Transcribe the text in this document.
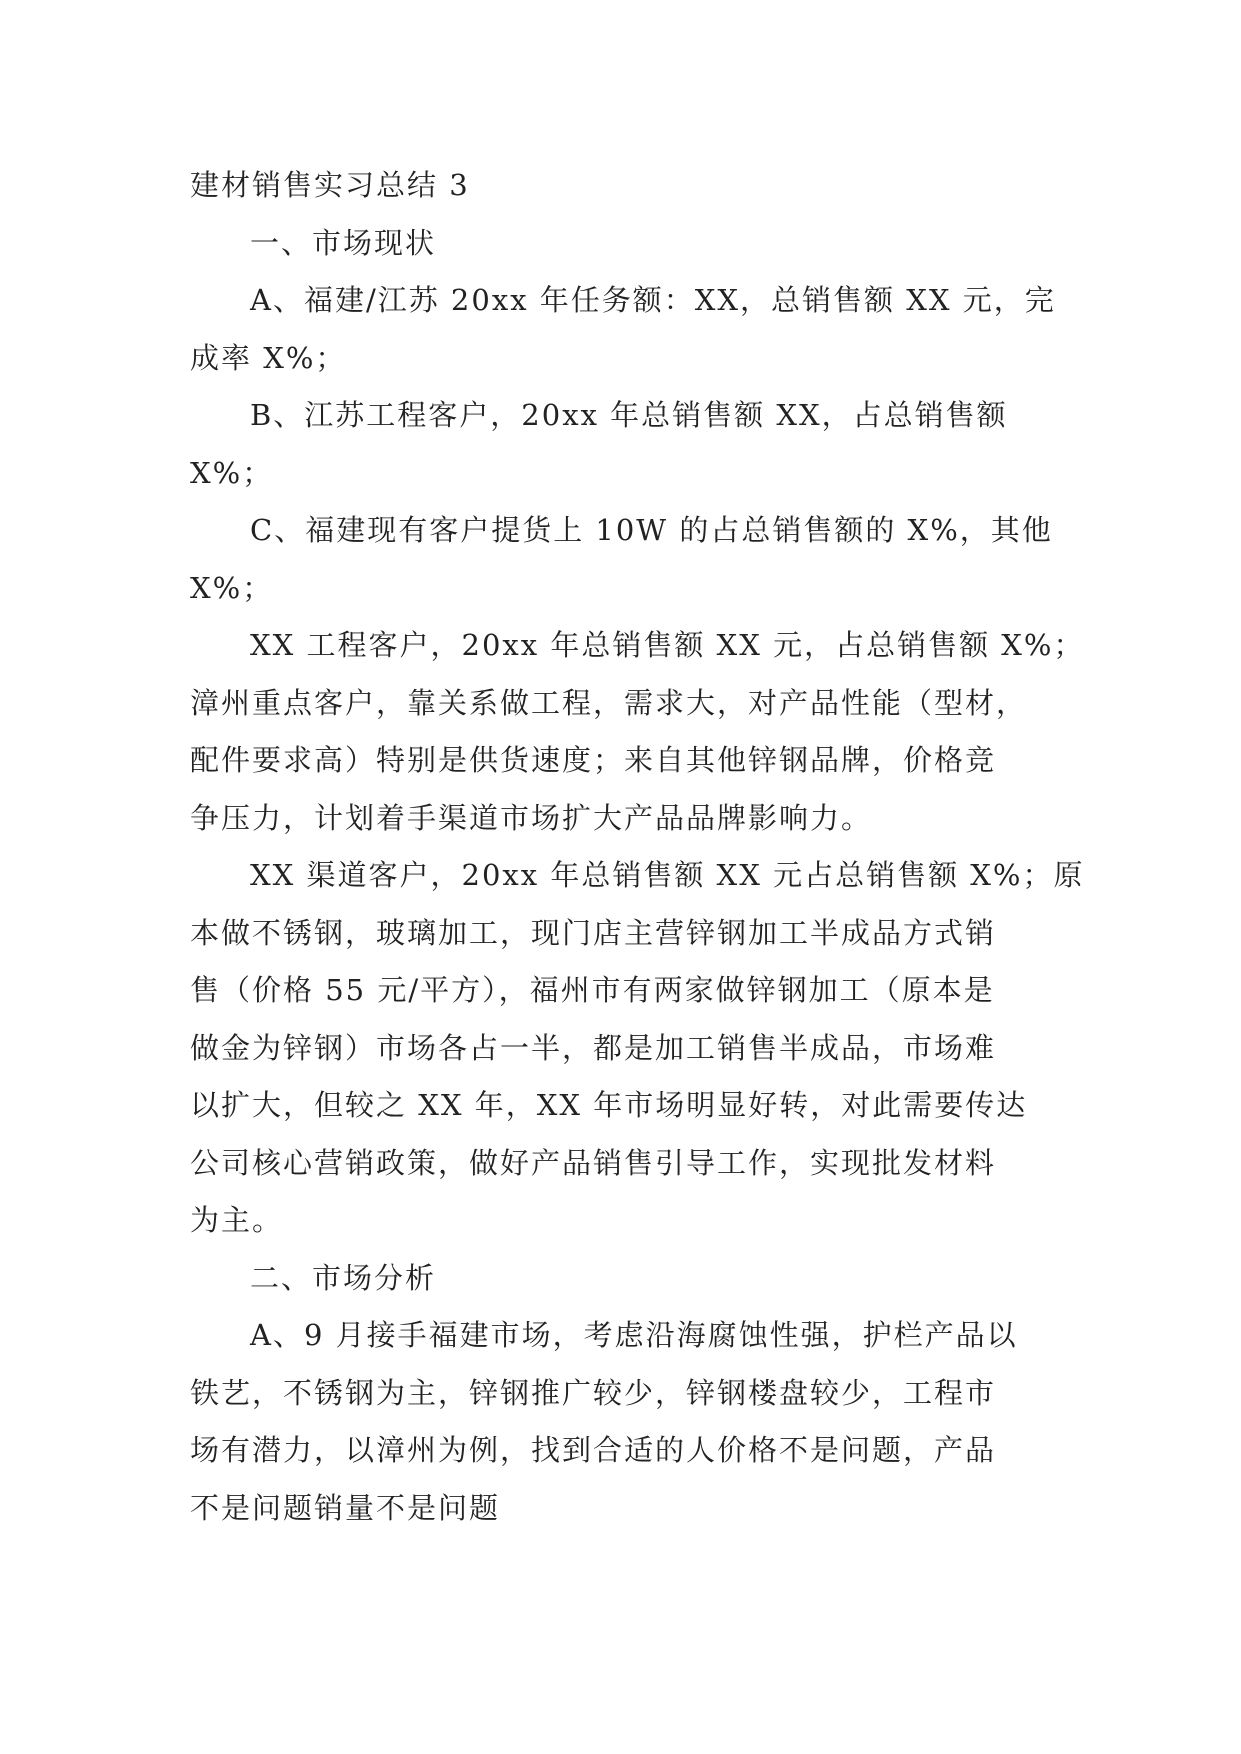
建材销售实习总结 3

一、市场现状

A、福建/江苏 20xx 年任务额：XX，总销售额 XX 元，完

成率 X%；

B、江苏工程客户，20xx 年总销售额 XX，占总销售额

X%；

C、福建现有客户提货上 10W 的占总销售额的 X%，其他

X%；

XX 工程客户，20xx 年总销售额 XX 元，占总销售额 X%；

漳州重点客户，靠关系做工程，需求大，对产品性能（型材，

配件要求高）特别是供货速度；来自其他锌钢品牌，价格竞

争压力，计划着手渠道市场扩大产品品牌影响力。

XX 渠道客户，20xx 年总销售额 XX 元占总销售额 X%；原

本做不锈钢，玻璃加工，现门店主营锌钢加工半成品方式销

售（价格 55 元/平方），福州市有两家做锌钢加工（原本是

做金为锌钢）市场各占一半，都是加工销售半成品，市场难

以扩大，但较之 XX 年，XX 年市场明显好转，对此需要传达

公司核心营销政策，做好产品销售引导工作，实现批发材料

为主。

二、市场分析

A、9 月接手福建市场，考虑沿海腐蚀性强，护栏产品以

铁艺，不锈钢为主，锌钢推广较少，锌钢楼盘较少，工程市

场有潜力，以漳州为例，找到合适的人价格不是问题，产品

不是问题销量不是问题
